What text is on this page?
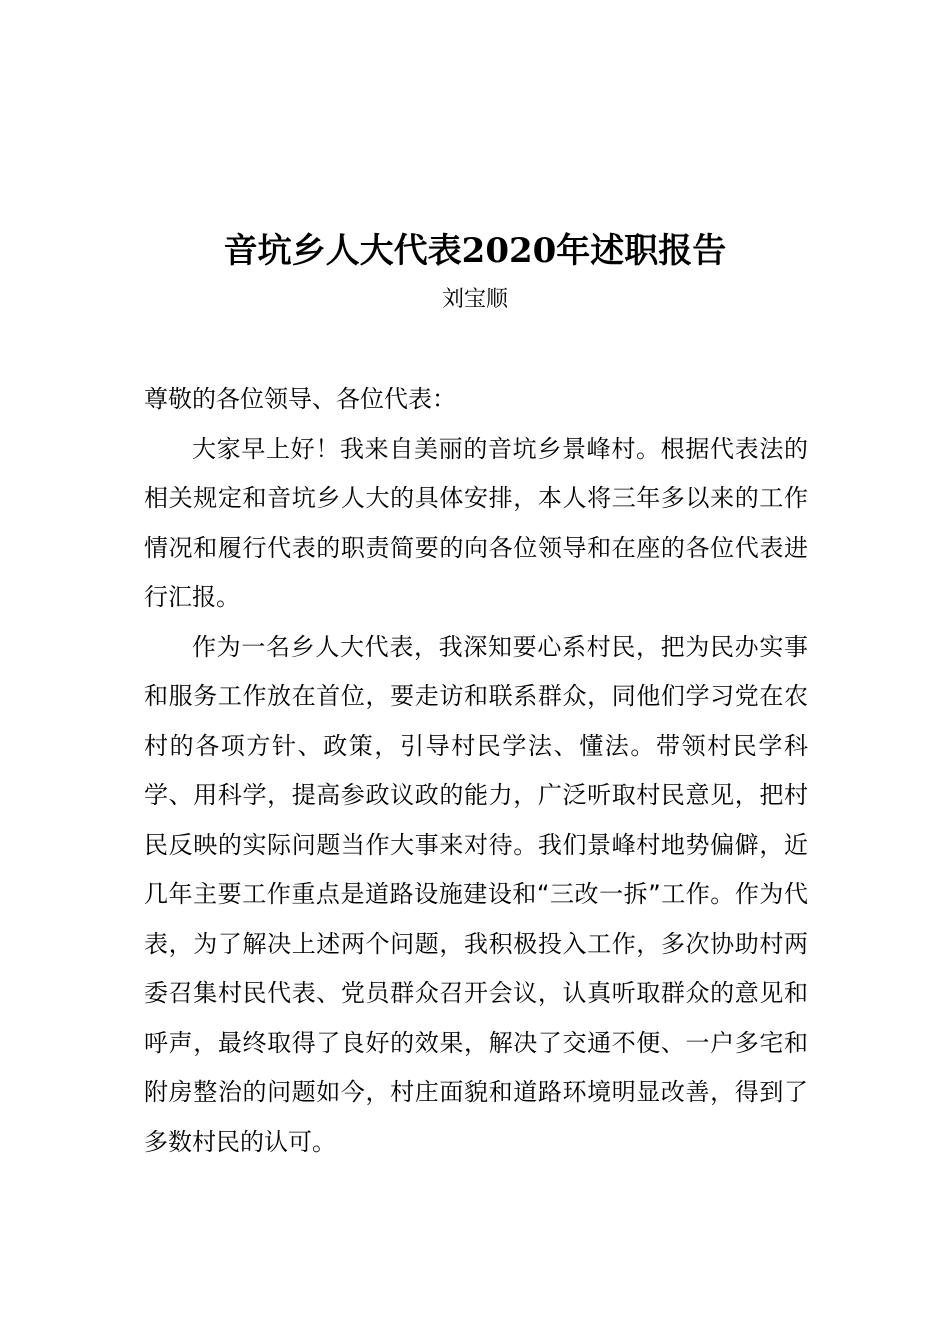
音坑乡人大代表2020年述职报告
刘宝顺

尊敬的各位领导、各位代表：

大家早上好！我来自美丽的音坑乡景峰村。根据代表法的相关规定和音坑乡人大的具体安排，本人将三年多以来的工作情况和履行代表的职责简要的向各位领导和在座的各位代表进行汇报。

作为一名乡人大代表，我深知要心系村民，把为民办实事和服务工作放在首位，要走访和联系群众，同他们学习党在农村的各项方针、政策，引导村民学法、懂法。带领村民学科学、用科学，提高参政议政的能力，广泛听取村民意见，把村民反映的实际问题当作大事来对待。我们景峰村地势偏僻，近几年主要工作重点是道路设施建设和“三改一拆”工作。作为代表，为了解决上述两个问题，我积极投入工作，多次协助村两委召集村民代表、党员群众召开会议，认真听取群众的意见和呼声，最终取得了良好的效果，解决了交通不便、一户多宅和附房整治的问题如今，村庄面貌和道路环境明显改善，得到了多数村民的认可。
